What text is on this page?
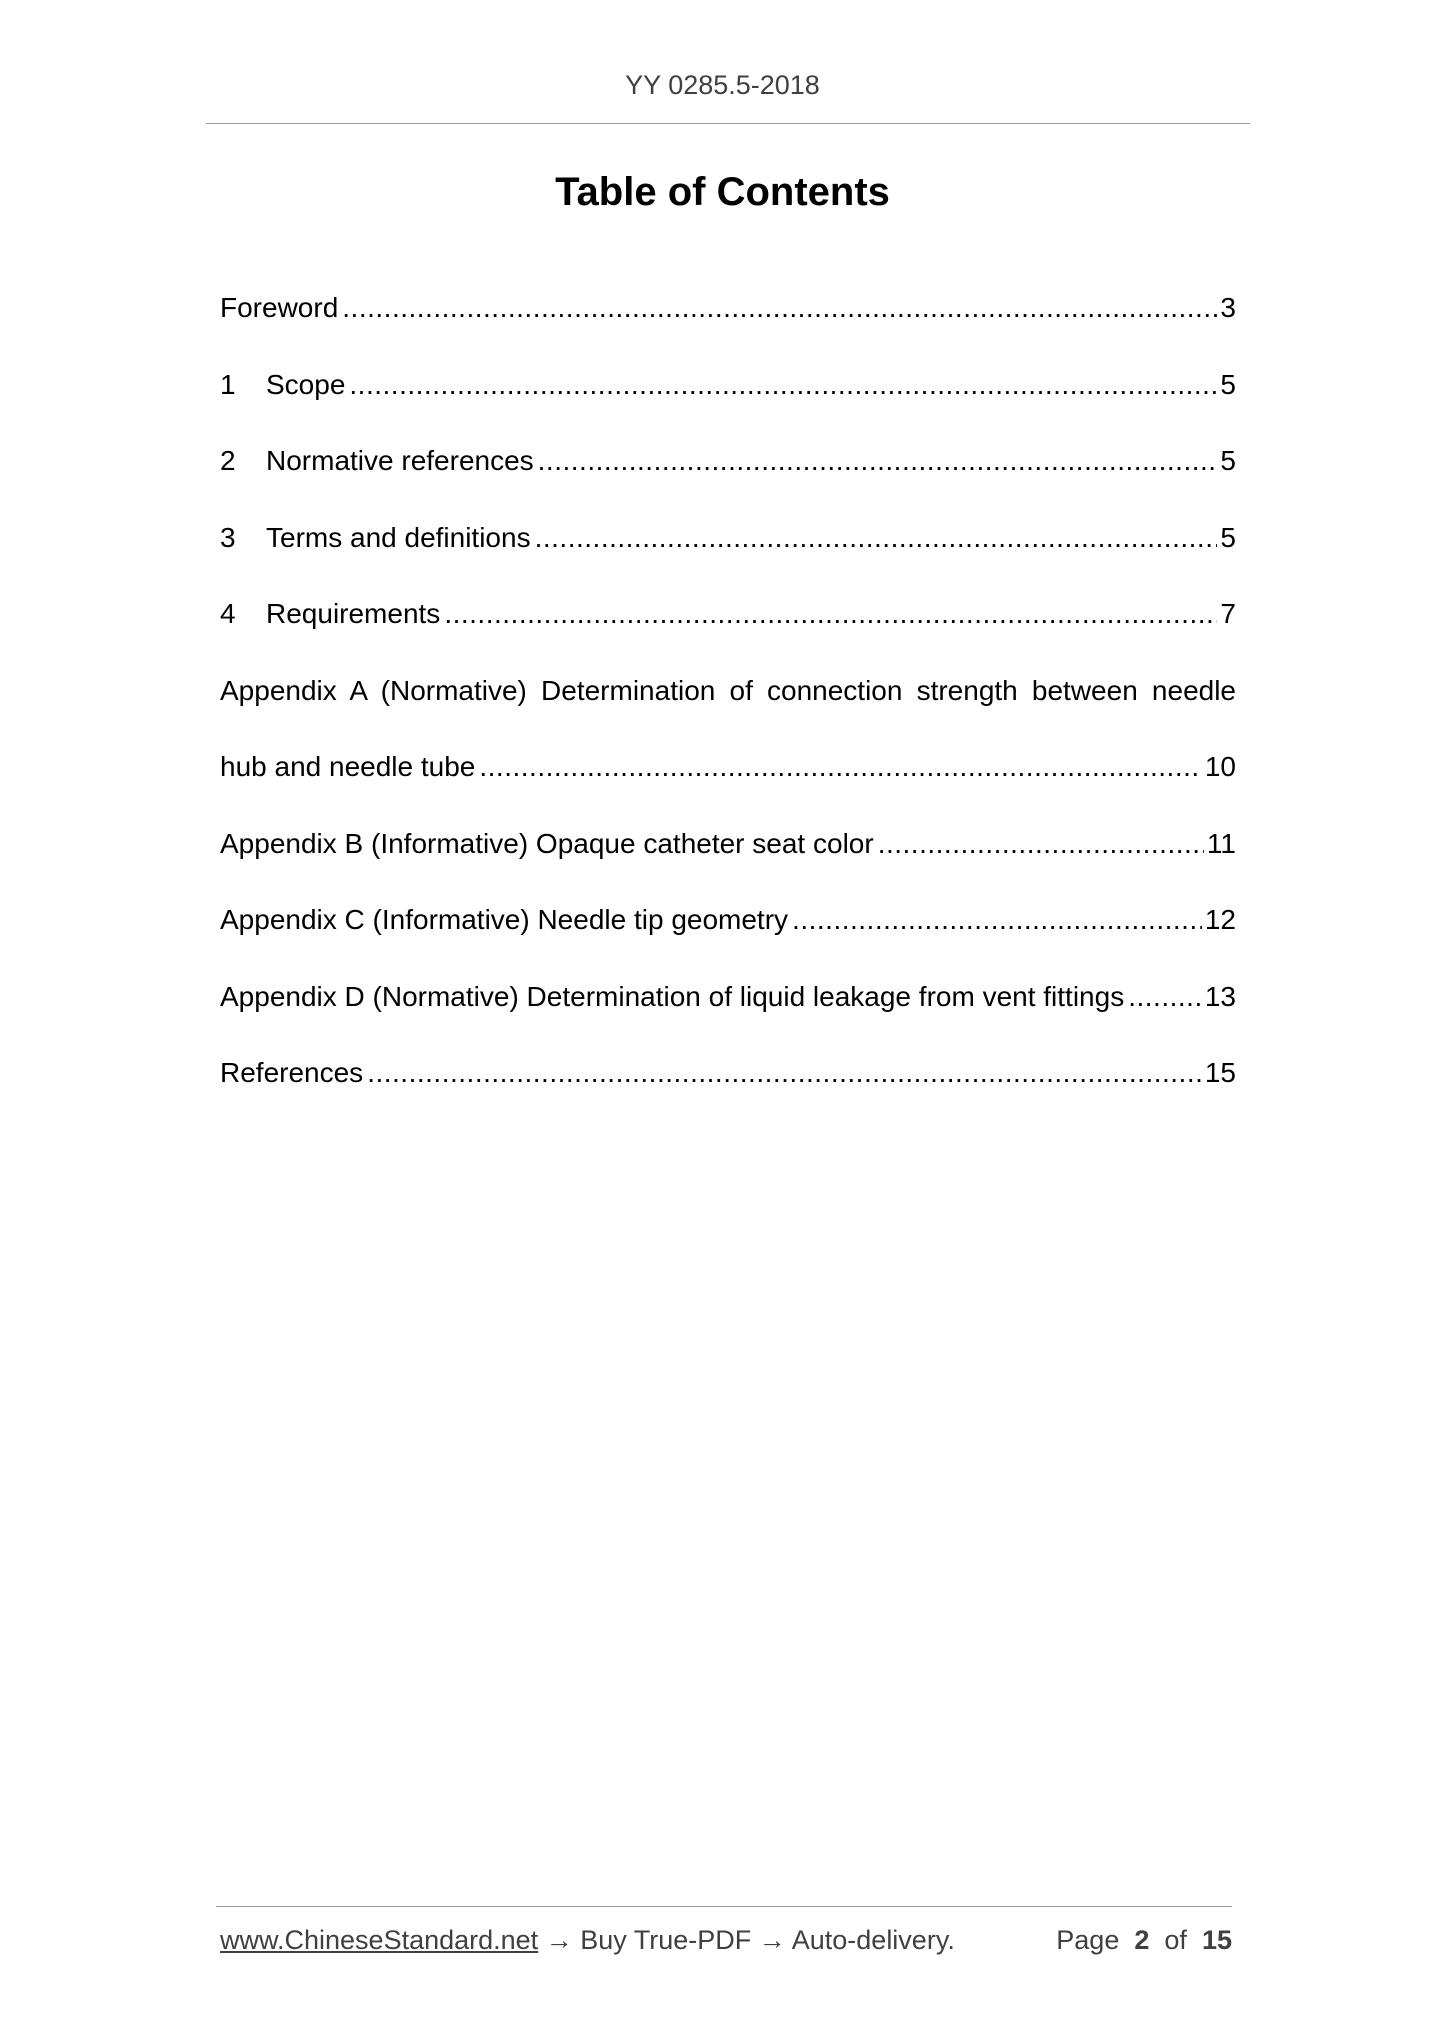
YY 0285.5-2018
Table of Contents
Foreword .....	3
1	Scope .....	5
2	Normative references .....	5
3	Terms and definitions .....	5
4	Requirements .....	7
Appendix A (Normative) Determination of connection strength between needle
hub and needle tube .....	10
Appendix B (Informative) Opaque catheter seat color .....	11
Appendix C (Informative) Needle tip geometry .....	12
Appendix D (Normative) Determination of liquid leakage from vent fittings .....	13
References .....	15
www.ChineseStandard.net → Buy True-PDF → Auto-delivery.	Page 2 of 15
